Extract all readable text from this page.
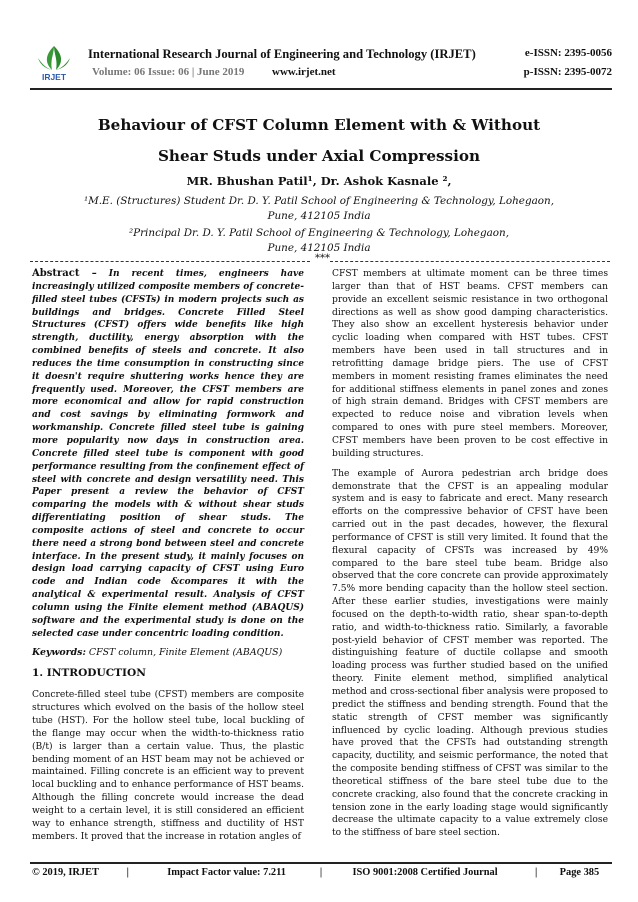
IRJET
International Research Journal of Engineering and Technology (IRJET)	e-ISSN: 2395-0056
Volume: 06 Issue: 06 | June 2019	www.irjet.net	p-ISSN: 2395-0072
Behaviour of CFST Column Element with & Without
Shear Studs under Axial Compression
MR. Bhushan Patil¹, Dr. Ashok Kasnale ²,
¹M.E. (Structures) Student Dr. D. Y. Patil School of Engineering & Technology, Lohegaon,
Pune, 412105 India
²Principal Dr. D. Y. Patil School of Engineering & Technology, Lohegaon,
Pune, 412105 India
***

Abstract – In recent times, engineers have increasingly utilized composite members of concrete-filled steel tubes (CFSTs) in modern projects such as buildings and bridges. Concrete Filled Steel Structures (CFST) offers wide benefits like high strength, ductility, energy absorption with the combined benefits of steels and concrete. It also reduces the time consumption in constructing since it doesn't require shuttering works hence they are frequently used. Moreover, the CFST members are more economical and allow for rapid construction and cost savings by eliminating formwork and workmanship. Concrete filled steel tube is gaining more popularity now days in construction area. Concrete filled steel tube is component with good performance resulting from the confinement effect of steel with concrete and design versatility need. This Paper present a review the behavior of CFST comparing the models with & without shear studs differentiating position of shear studs. The composite actions of steel and concrete to occur there need a strong bond between steel and concrete interface. In the present study, it mainly focuses on design load carrying capacity of CFST using Euro code and Indian code &compares it with the analytical & experimental result. Analysis of CFST column using the Finite element method (ABAQUS) software and the experimental study is done on the selected case under concentric loading condition.

Keywords: CFST column, Finite Element (ABAQUS)

1. INTRODUCTION

Concrete-filled steel tube (CFST) members are composite structures which evolved on the basis of the hollow steel tube (HST). For the hollow steel tube, local buckling of the flange may occur when the width-to-thickness ratio (B/t) is larger than a certain value. Thus, the plastic bending moment of an HST beam may not be achieved or maintained. Filling concrete is an efficient way to prevent local buckling and to enhance performance of HST beams. Although the filling concrete would increase the dead weight to a certain level, it is still considered an efficient way to enhance strength, stiffness and ductility of HST members. It proved that the increase in rotation angles of

CFST members at ultimate moment can be three times larger than that of HST beams. CFST members can provide an excellent seismic resistance in two orthogonal directions as well as show good damping characteristics. They also show an excellent hysteresis behavior under cyclic loading when compared with HST tubes. CFST members have been used in tall structures and in retrofitting damage bridge piers. The use of CFST members in moment resisting frames eliminates the need for additional stiffness elements in panel zones and zones of high strain demand. Bridges with CFST members are expected to reduce noise and vibration levels when compared to ones with pure steel members. Moreover, CFST members have been proven to be cost effective in building structures.

The example of Aurora pedestrian arch bridge does demonstrate that the CFST is an appealing modular system and is easy to fabricate and erect. Many research efforts on the compressive behavior of CFST have been carried out in the past decades, however, the flexural performance of CFST is still very limited. It found that the flexural capacity of CFSTs was increased by 49% compared to the bare steel tube beam. Bridge also observed that the core concrete can provide approximately 7.5% more bending capacity than the hollow steel section. After these earlier studies, investigations were mainly focused on the depth-to-width ratio, shear span-to-depth ratio, and width-to-thickness ratio. Similarly, a favorable post-yield behavior of CFST member was reported. The distinguishing feature of ductile collapse and smooth loading process was further studied based on the unified theory. Finite element method, simplified analytical method and cross-sectional fiber analysis were proposed to predict the stiffness and bending strength. Found that the static strength of CFST member was significantly influenced by cyclic loading. Although previous studies have proved that the CFSTs had outstanding strength capacity, ductility, and seismic performance, the noted that the composite bending stiffness of CFST was similar to the theoretical stiffness of the bare steel tube due to the concrete cracking, also found that the concrete cracking in tension zone in the early loading stage would significantly decrease the ultimate capacity to a value extremely close to the stiffness of bare steel section.

© 2019, IRJET	|	Impact Factor value: 7.211	|	ISO 9001:2008 Certified Journal	| Page 385
